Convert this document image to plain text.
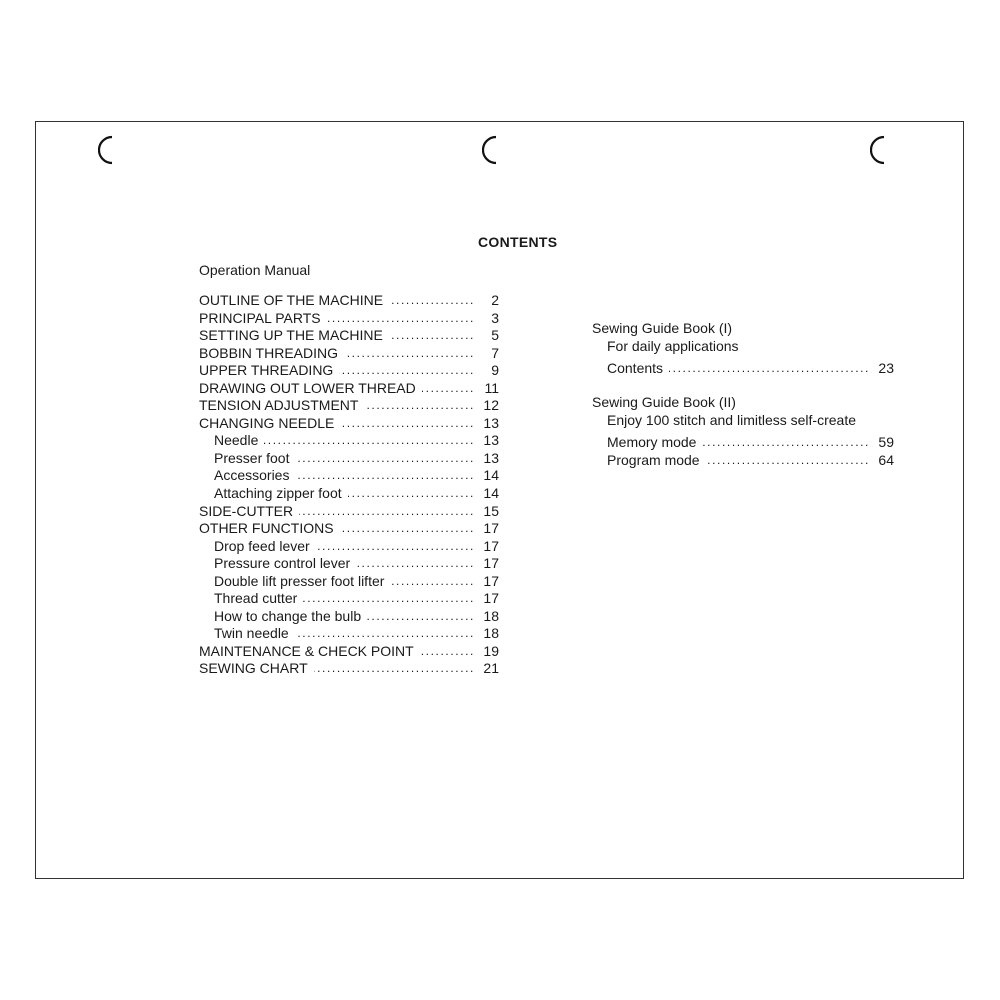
CONTENTS
Operation Manual
OUTLINE OF THE MACHINE .....	2
PRINCIPAL PARTS .....	3
SETTING UP THE MACHINE .....	5
BOBBIN THREADING .....	7
UPPER THREADING .....	9
DRAWING OUT LOWER THREAD .....	11
TENSION ADJUSTMENT .....	12
CHANGING NEEDLE .....	13
Needle .....	13
Presser foot .....	13
Accessories .....	14
Attaching zipper foot .....	14
SIDE-CUTTER .....	15
OTHER FUNCTIONS .....	17
Drop feed lever .....	17
Pressure control lever .....	17
Double lift presser foot lifter .....	17
Thread cutter .....	17
How to change the bulb .....	18
Twin needle .....	18
MAINTENANCE & CHECK POINT .....	19
SEWING CHART .....	21
Sewing Guide Book (I)
For daily applications
Contents .....	23
Sewing Guide Book (II)
Enjoy 100 stitch and limitless self-create
Memory mode .....	59
Program mode .....	64
